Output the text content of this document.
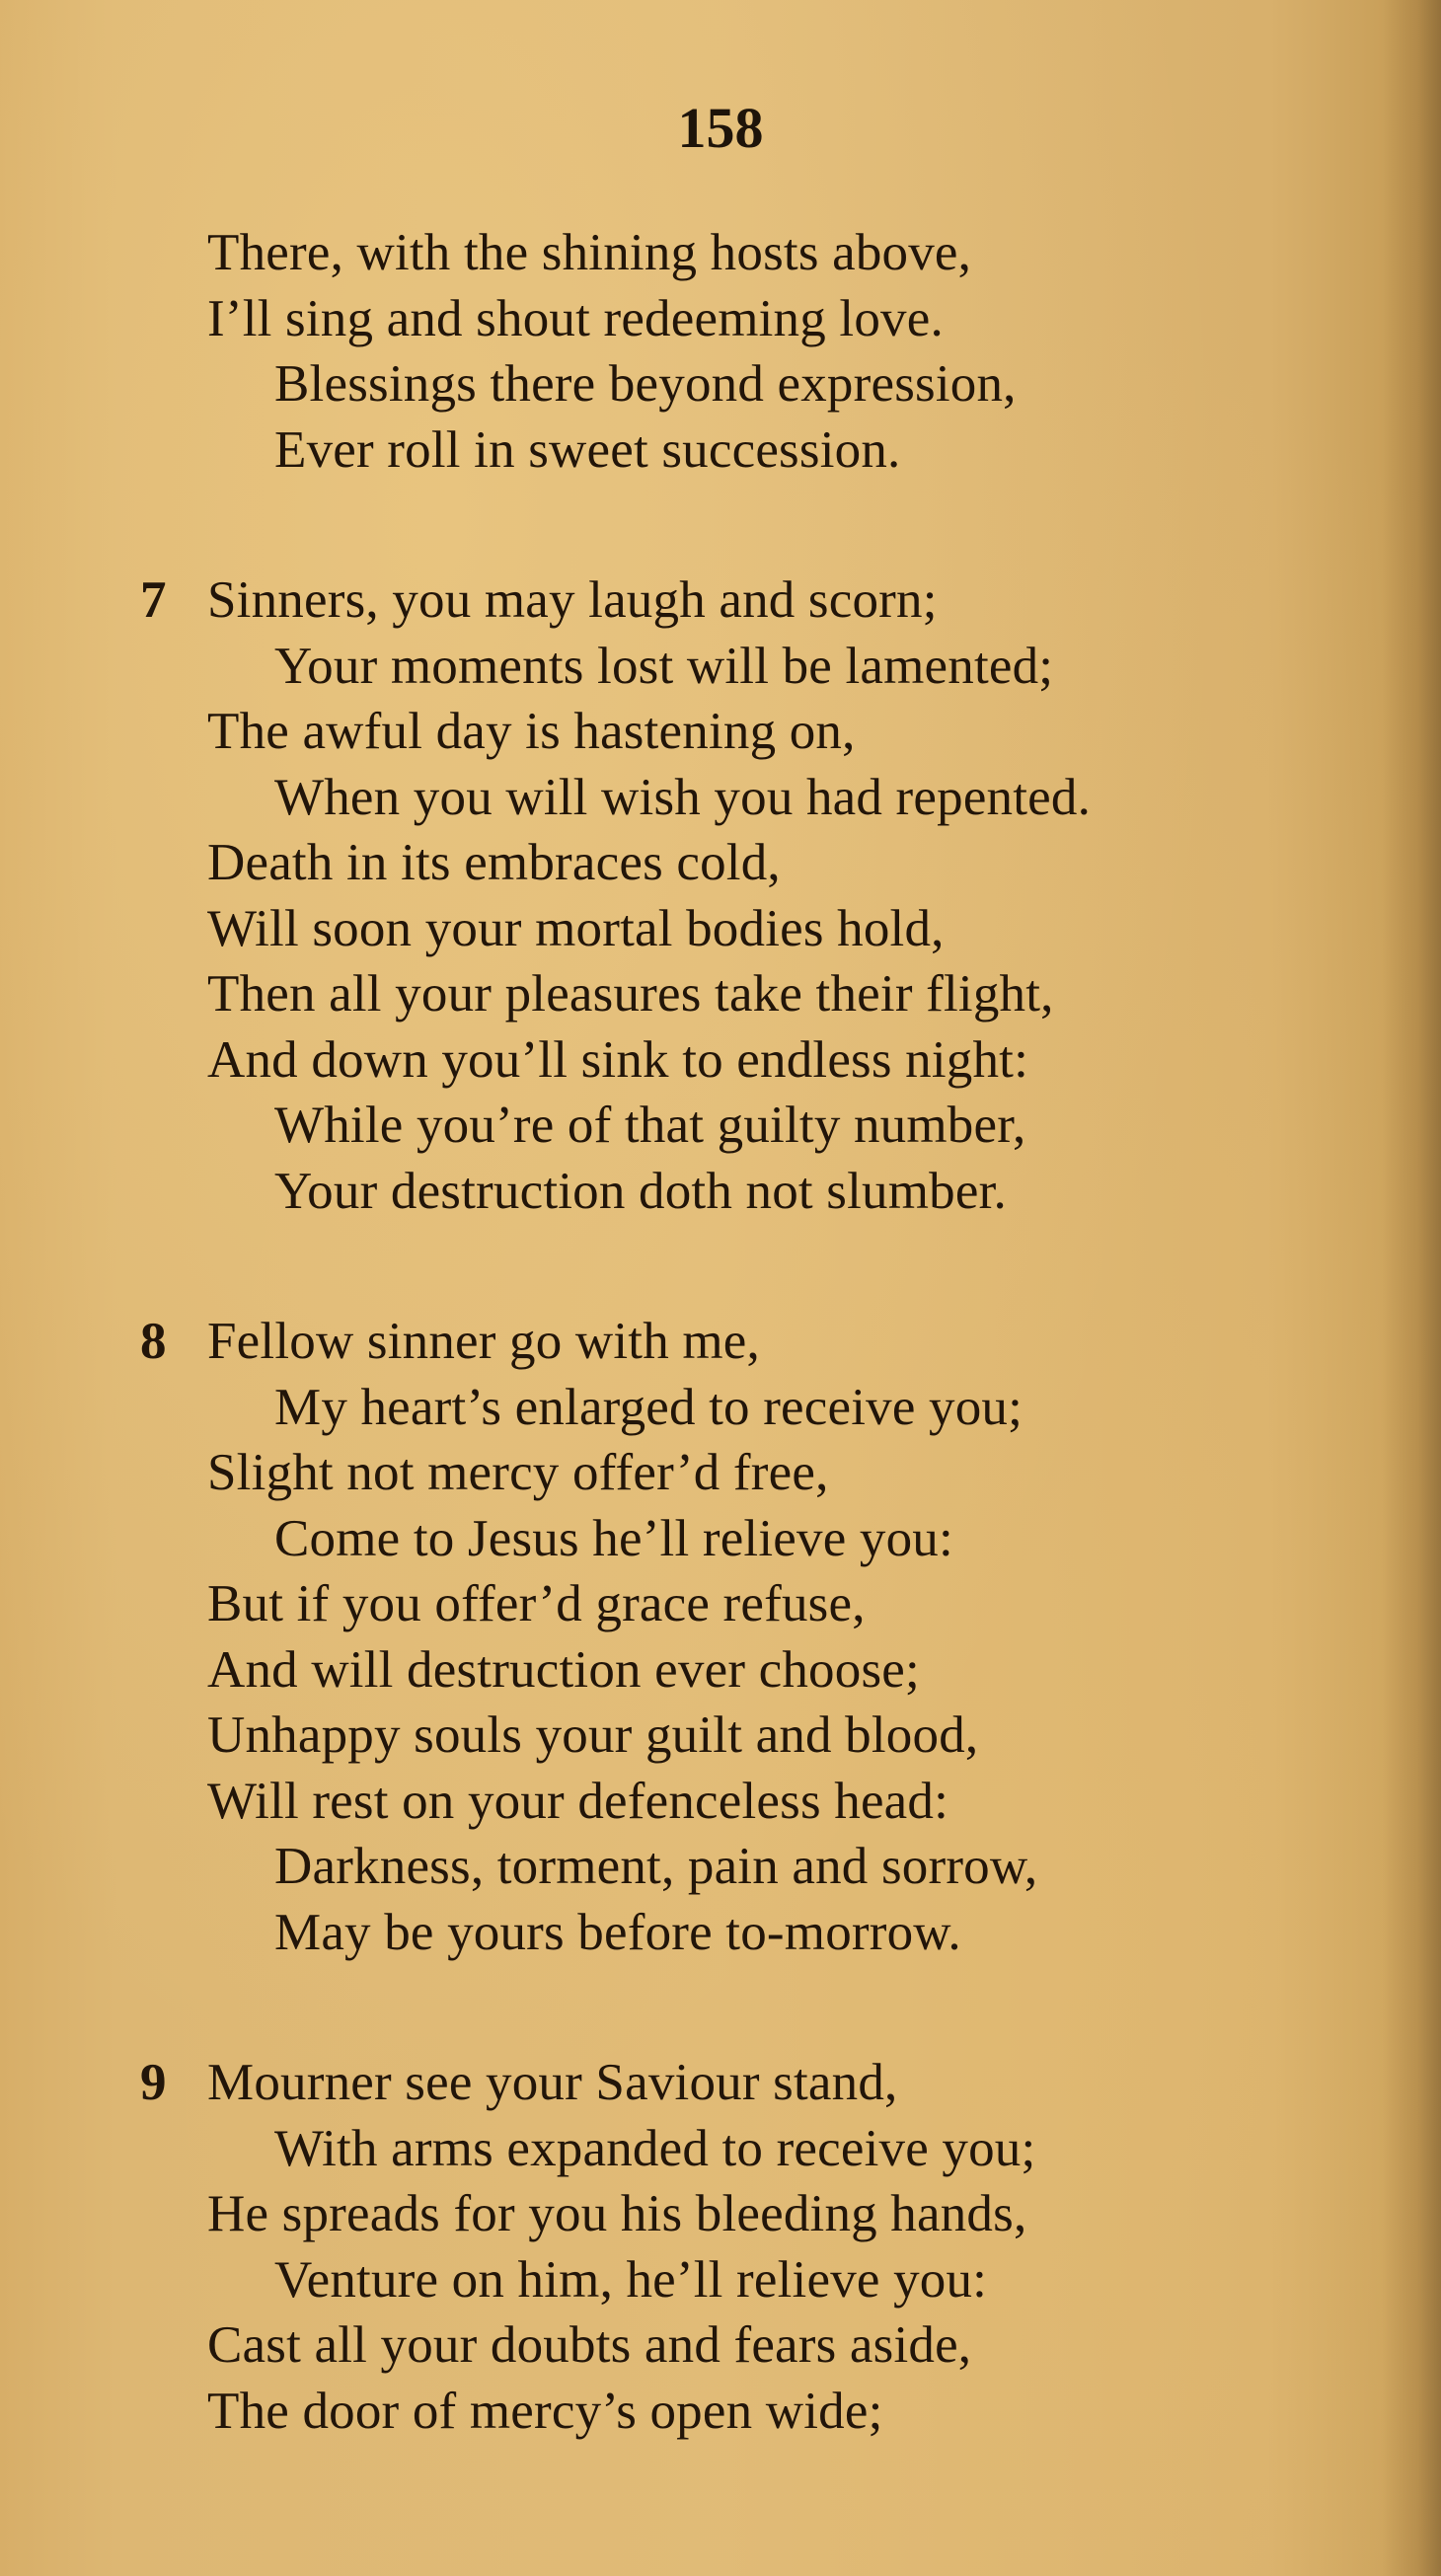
158
There, with the shining hosts above,
I’ll sing and shout redeeming love.
Blessings there beyond expression,
Ever roll in sweet succession.
7 Sinners, you may laugh and scorn;
Your moments lost will be lamented;
The awful day is hastening on,
When you will wish you had repented.
Death in its embraces cold,
Will soon your mortal bodies hold,
Then all your pleasures take their flight,
And down you’ll sink to endless night:
While you’re of that guilty number,
Your destruction doth not slumber.
8 Fellow sinner go with me,
My heart’s enlarged to receive you;
Slight not mercy offer’d free,
Come to Jesus he’ll relieve you:
But if you offer’d grace refuse,
And will destruction ever choose;
Unhappy souls your guilt and blood,
Will rest on your defenceless head:
Darkness, torment, pain and sorrow,
May be yours before to-morrow.
9 Mourner see your Saviour stand,
With arms expanded to receive you;
He spreads for you his bleeding hands,
Venture on him, he’ll relieve you:
Cast all your doubts and fears aside,
The door of mercy’s open wide;
